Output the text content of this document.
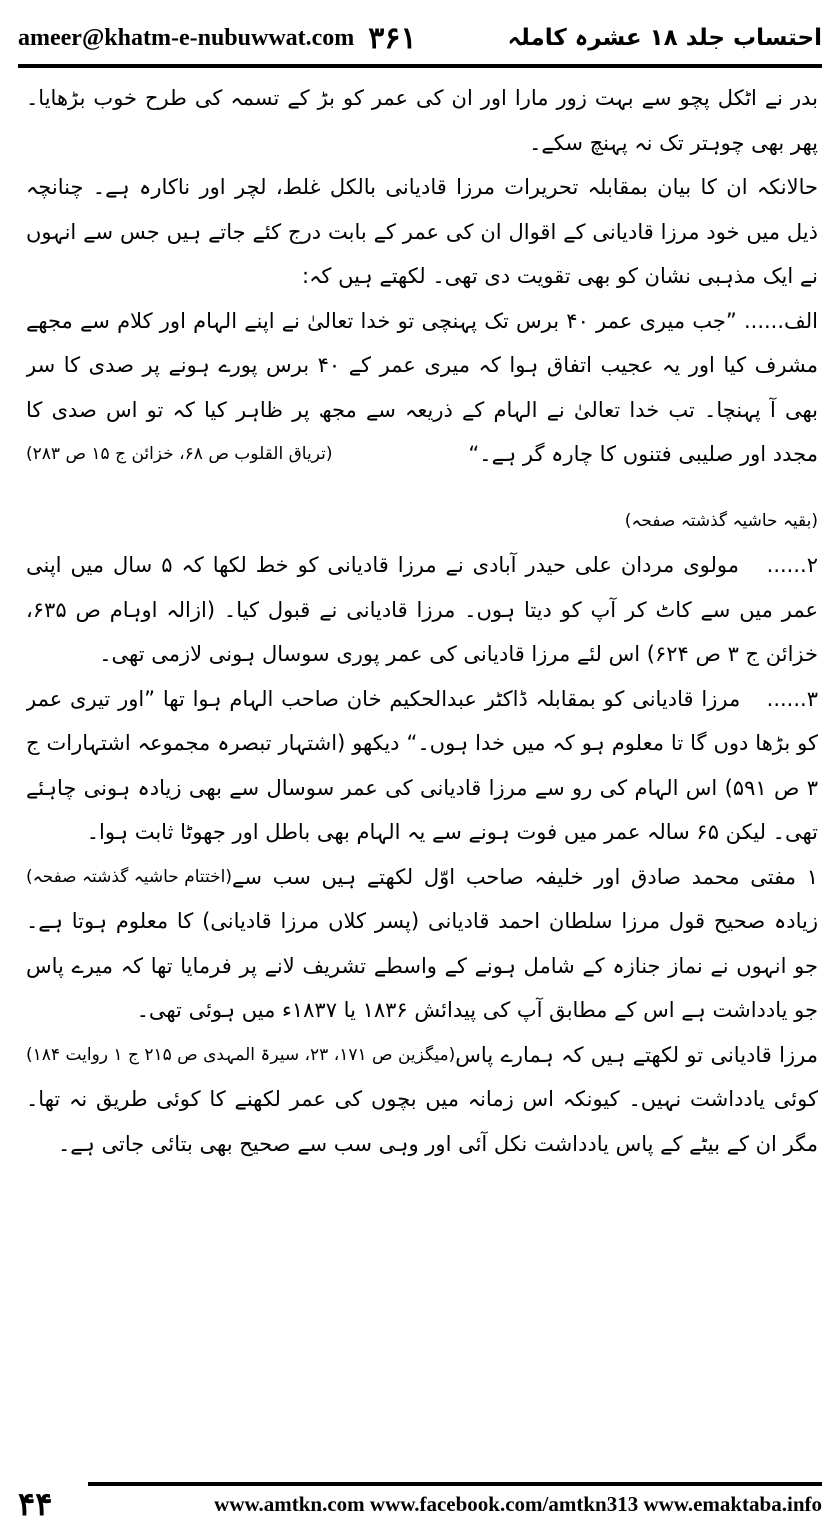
ameer@khatm-e-nubuwwat.com ۳۶۱	احتساب جلد ۱۸ عشرہ کاملہ

بدر نے اٹکل پچو سے بہت زور مارا اور ان کی عمر کو بڑ کے تسمہ کی طرح خوب بڑھایا۔ پھر بھی چوہتر تک نہ پہنچ سکے۔

حالانکہ ان کا بیان بمقابلہ تحریرات مرزا قادیانی بالکل غلط، لچر اور ناکارہ ہے۔ چنانچہ ذیل میں خود مرزا قادیانی کے اقوال ان کی عمر کے بابت درج کئے جاتے ہیں جس سے انہوں نے ایک مذہبی نشان کو بھی تقویت دی تھی۔ لکھتے ہیں کہ:

الف...... ”جب میری عمر ۴۰ برس تک پہنچی تو خدا تعالیٰ نے اپنے الہام اور کلام سے مجھے مشرف کیا اور یہ عجیب اتفاق ہوا کہ میری عمر کے ۴۰ برس پورے ہونے پر صدی کا سر بھی آ پہنچا۔ تب خدا تعالیٰ نے الہام کے ذریعہ سے مجھ پر ظاہر کیا کہ تو اس صدی کا مجدد اور صلیبی فتنوں کا چارہ گر ہے۔“
(تریاق القلوب ص ۶۸، خزائن ج ۱۵ ص ۲۸۳)

(بقیہ حاشیہ گذشتہ صفحہ)

۲...... مولوی مردان علی حیدر آبادی نے مرزا قادیانی کو خط لکھا کہ ۵ سال میں اپنی عمر میں سے کاٹ کر آپ کو دیتا ہوں۔ مرزا قادیانی نے قبول کیا۔ (ازالہ اوہام ص ۶۳۵، خزائن ج ۳ ص ۶۲۴) اس لئے مرزا قادیانی کی عمر پوری سوسال ہونی لازمی تھی۔

۳...... مرزا قادیانی کو بمقابلہ ڈاکٹر عبدالحکیم خان صاحب الہام ہوا تھا ”اور تیری عمر کو بڑھا دوں گا تا معلوم ہو کہ میں خدا ہوں۔“ دیکھو (اشتہار تبصرہ مجموعہ اشتہارات ج ۳ ص ۵۹۱) اس الہام کی رو سے مرزا قادیانی کی عمر سوسال سے بھی زیادہ ہونی چاہئے تھی۔ لیکن ۶۵ سالہ عمر میں فوت ہونے سے یہ الہام بھی باطل اور جھوٹا ثابت ہوا۔
(اختتام حاشیہ گذشتہ صفحہ) ۱ مفتی محمد صادق اور خلیفہ صاحب اوّل لکھتے ہیں سب سے زیادہ صحیح قول مرزا سلطان احمد قادیانی (پسر کلاں مرزا قادیانی) کا معلوم ہوتا ہے۔ جو انہوں نے نماز جنازہ کے شامل ہونے کے واسطے تشریف لانے پر فرمایا تھا کہ میرے پاس جو یادداشت ہے اس کے مطابق آپ کی پیدائش ۱۸۳۶ یا ۱۸۳۷ء میں ہوئی تھی۔
(میگزین ص ۱۷۱، ۲۳، سیرۃ المہدی ص ۲۱۵ ج ۱ روایت ۱۸۴) مرزا قادیانی تو لکھتے ہیں کہ ہمارے پاس کوئی یادداشت نہیں۔ کیونکہ اس زمانہ میں بچوں کی عمر لکھنے کا کوئی طریق نہ تھا۔ مگر ان کے بیٹے کے پاس یادداشت نکل آئی اور وہی سب سے صحیح بھی بتائی جاتی ہے۔

۴۴	www.amtkn.com www.facebook.com/amtkn313 www.emaktaba.info
